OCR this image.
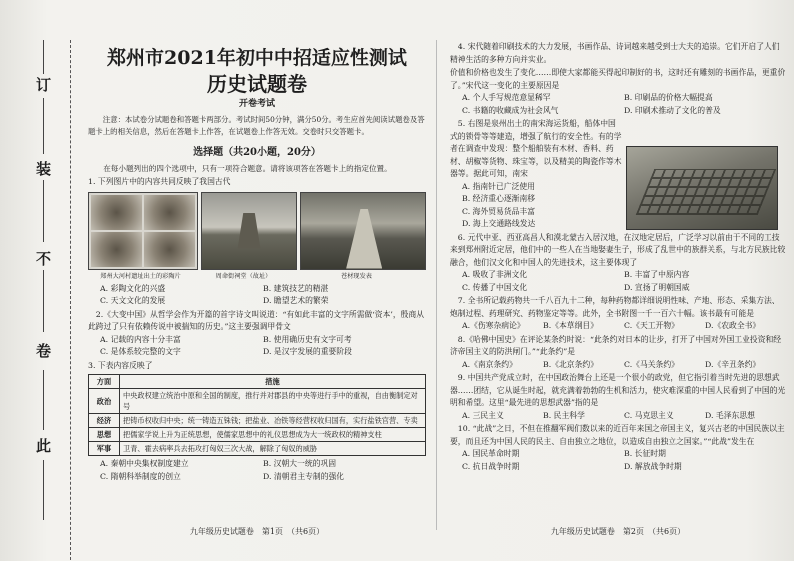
此
卷
不
装
订
郑州市2021年初中中招适应性测试
历史试题卷
开卷考试
注意：本试卷分试题卷和答题卡两部分。考试时间50分钟，满分50分。考生应首先阅读试题卷及答题卡上的相关信息，然后在答题卡上作答，在试题卷上作答无效。交卷时只交答题卡。
选择题（共20小题，20分）
在每小题列出的四个选项中，只有一项符合题意。请将该项答在答题卡上的指定位置。
1. 下列图片中的内容共同反映了我国古代
郑州大河村遗址出土的彩陶片	周命街祠堂（故址）	苍材现发表
A. 彩陶文化的兴盛	B. 建筑技艺的精湛
C. 天文文化的发展	D. 瞻望艺术的繁荣
2.《大变中国》从哲学会作为开篇的首字诗文叫说道：“有如此丰富的文字所需做‘资本’，殷商从此跨过了只有依赖传说中被揣知的历史。”这主要强调甲骨文
A. 记载的内容十分丰富	B. 使用确历史有文字可考
C. 是体系较完整的文字	D. 是汉字发展的重要阶段
3. 下表内容反映了
方面	措施
政治	中央政权建立统治中原和全国的制度，推行并对郡县的中央等进行手中的重视，自由衡制定对号
经济	把铸币权收归中央；统一铸造五铢钱；把盐业、冶铁等经营权收归国有，实行盐铁官营、专卖
思想	把儒家学说上升为正统思想，使儒家思想中的礼仪思想成为大一统政权的精神支柱
军事	卫青、霍去病率兵去拓攻打匈奴三次大战，解除了匈奴的威胁
A. 秦朝中央集权制度建立	B. 汉朝大一统的巩固
C. 隋朝科举制度的创立	D. 清朝君主专制的强化
九年级历史试题卷　第1页　（共6页）
4. 宋代随着印刷技术的大力发展，书画作品、诗词越来越受到士大夫的追崇。它们开启了人们精神生活的多种方向并实业。
价值和价格也发生了变化……即使大家都能买得起印制好的书，这时还有雕刻的书画作品，更重价了。”宋代这一变化的主要原因是
A. 个人手写规范意显稀罕	B. 印刷品的价格大幅提高
C. 书籍的收藏成为社会风气	D. 印刷术推动了文化的普及
5. 右图是泉州出土的南宋海运货船，船体中国式的锁骨等等建造，增强了航行的安全性。有的学者在调查中发现：整个船舶装有木材、香料、药材、胡椒等货物、珠宝等，以及精美的陶瓷作等木器等。据此可知，南宋
A. 指南针已广泛使用
B. 经济重心逐渐南移
C. 海外贸易货品丰富
D. 海上交通路线发达
6. 元代中亚、西亚高昌人和漠北蒙古入居汉地，在汉地定居后，广泛学习以前由于不同的工技来到郑州附近定居，他们中的一些人在当地娶妻生子，形成了乱世中的族群关系，与北方民族比较融合，他们汉文化和中国人的先进技术，这主要体现了
A. 吸收了非洲文化	B. 丰富了中原内容
C. 传播了中国文化	D. 宣扬了明朝国威
7. 全书所记载药物共一千八百九十二种，每种药物都详细说明性味、产地、形态、采集方法、炮制过程、药理研究、药物鉴定等等。此外，全书附图一千一百六十幅。该书最有可能是
A.《伤寒杂病论》	B.《本草纲目》	C.《天工开物》	D.《农政全书》
8.《哈佛中国史》在评论某条约时说：“此条约对日本的让步，打开了中国对外国工业投资和经济帝国主义的防洪闸门。”“此条约”是
A.《南京条约》	B.《北京条约》	C.《马关条约》	D.《辛丑条约》
9. 中国共产党成立时，在中国政治舞台上还是一个很小的政党，但它指引着当时先进的思想武器……团结，它从诞生时起，就充满着勃勃的生机和活力，使灾难深重的中国人民看到了中国的光明和希望。这里“最先进的思想武器”指的是
A. 三民主义	B. 民主科学	C. 马克思主义	D. 毛泽东思想
10. “此战”之日，不但在推翻军阀们数以来的近百年来国之帝国主义，复兴古老的中国民族以主要，而且还为中国人民的民主、自由独立之地位，以造成自由独立之国家。”“此战”发生在
A. 国民革命时期	B. 长征时期
C. 抗日战争时期	D. 解放战争时期
九年级历史试题卷　第2页　（共6页）
